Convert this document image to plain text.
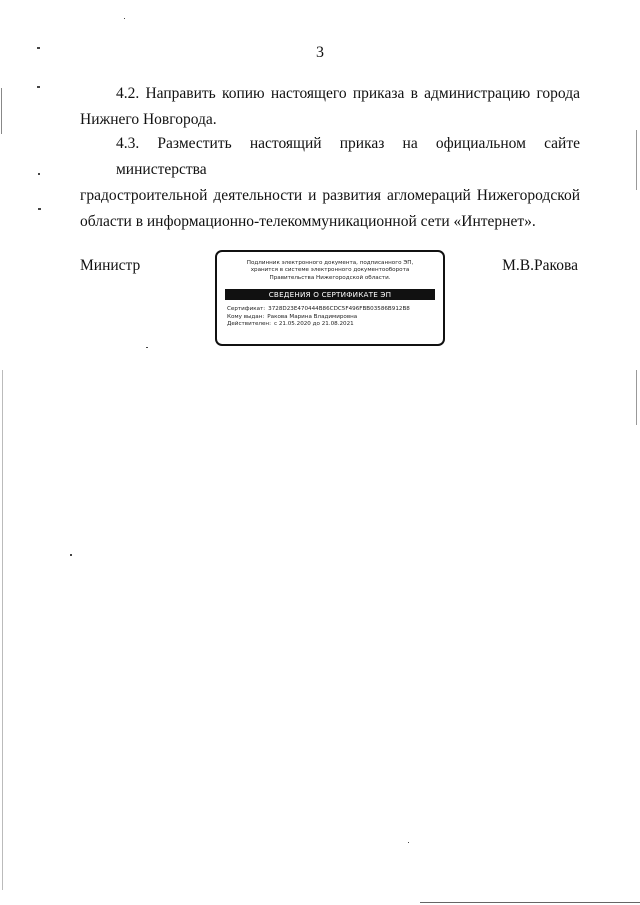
3
4.2. Направить копию настоящего приказа в администрацию города
Нижнего Новгорода.
4.3. Разместить настоящий приказ на официальном сайте министерства
градостроительной деятельности и развития агломераций Нижегородской
области в информационно-телекоммуникационной сети «Интернет».
Министр	Подлинник электронного документа, подписанного ЭП,
хранится в системе электронного документооборота
Правительства Нижегородской области.
СВЕДЕНИЯ О СЕРТИФИКАТЕ ЭП
Сертификат: 3728D23E470444B86CDC5F496FBB03586B912B8
Кому выдан: Ракова Марина Владимировна
Действителен: с 21.05.2020 до 21.08.2021
М.В.Ракова
